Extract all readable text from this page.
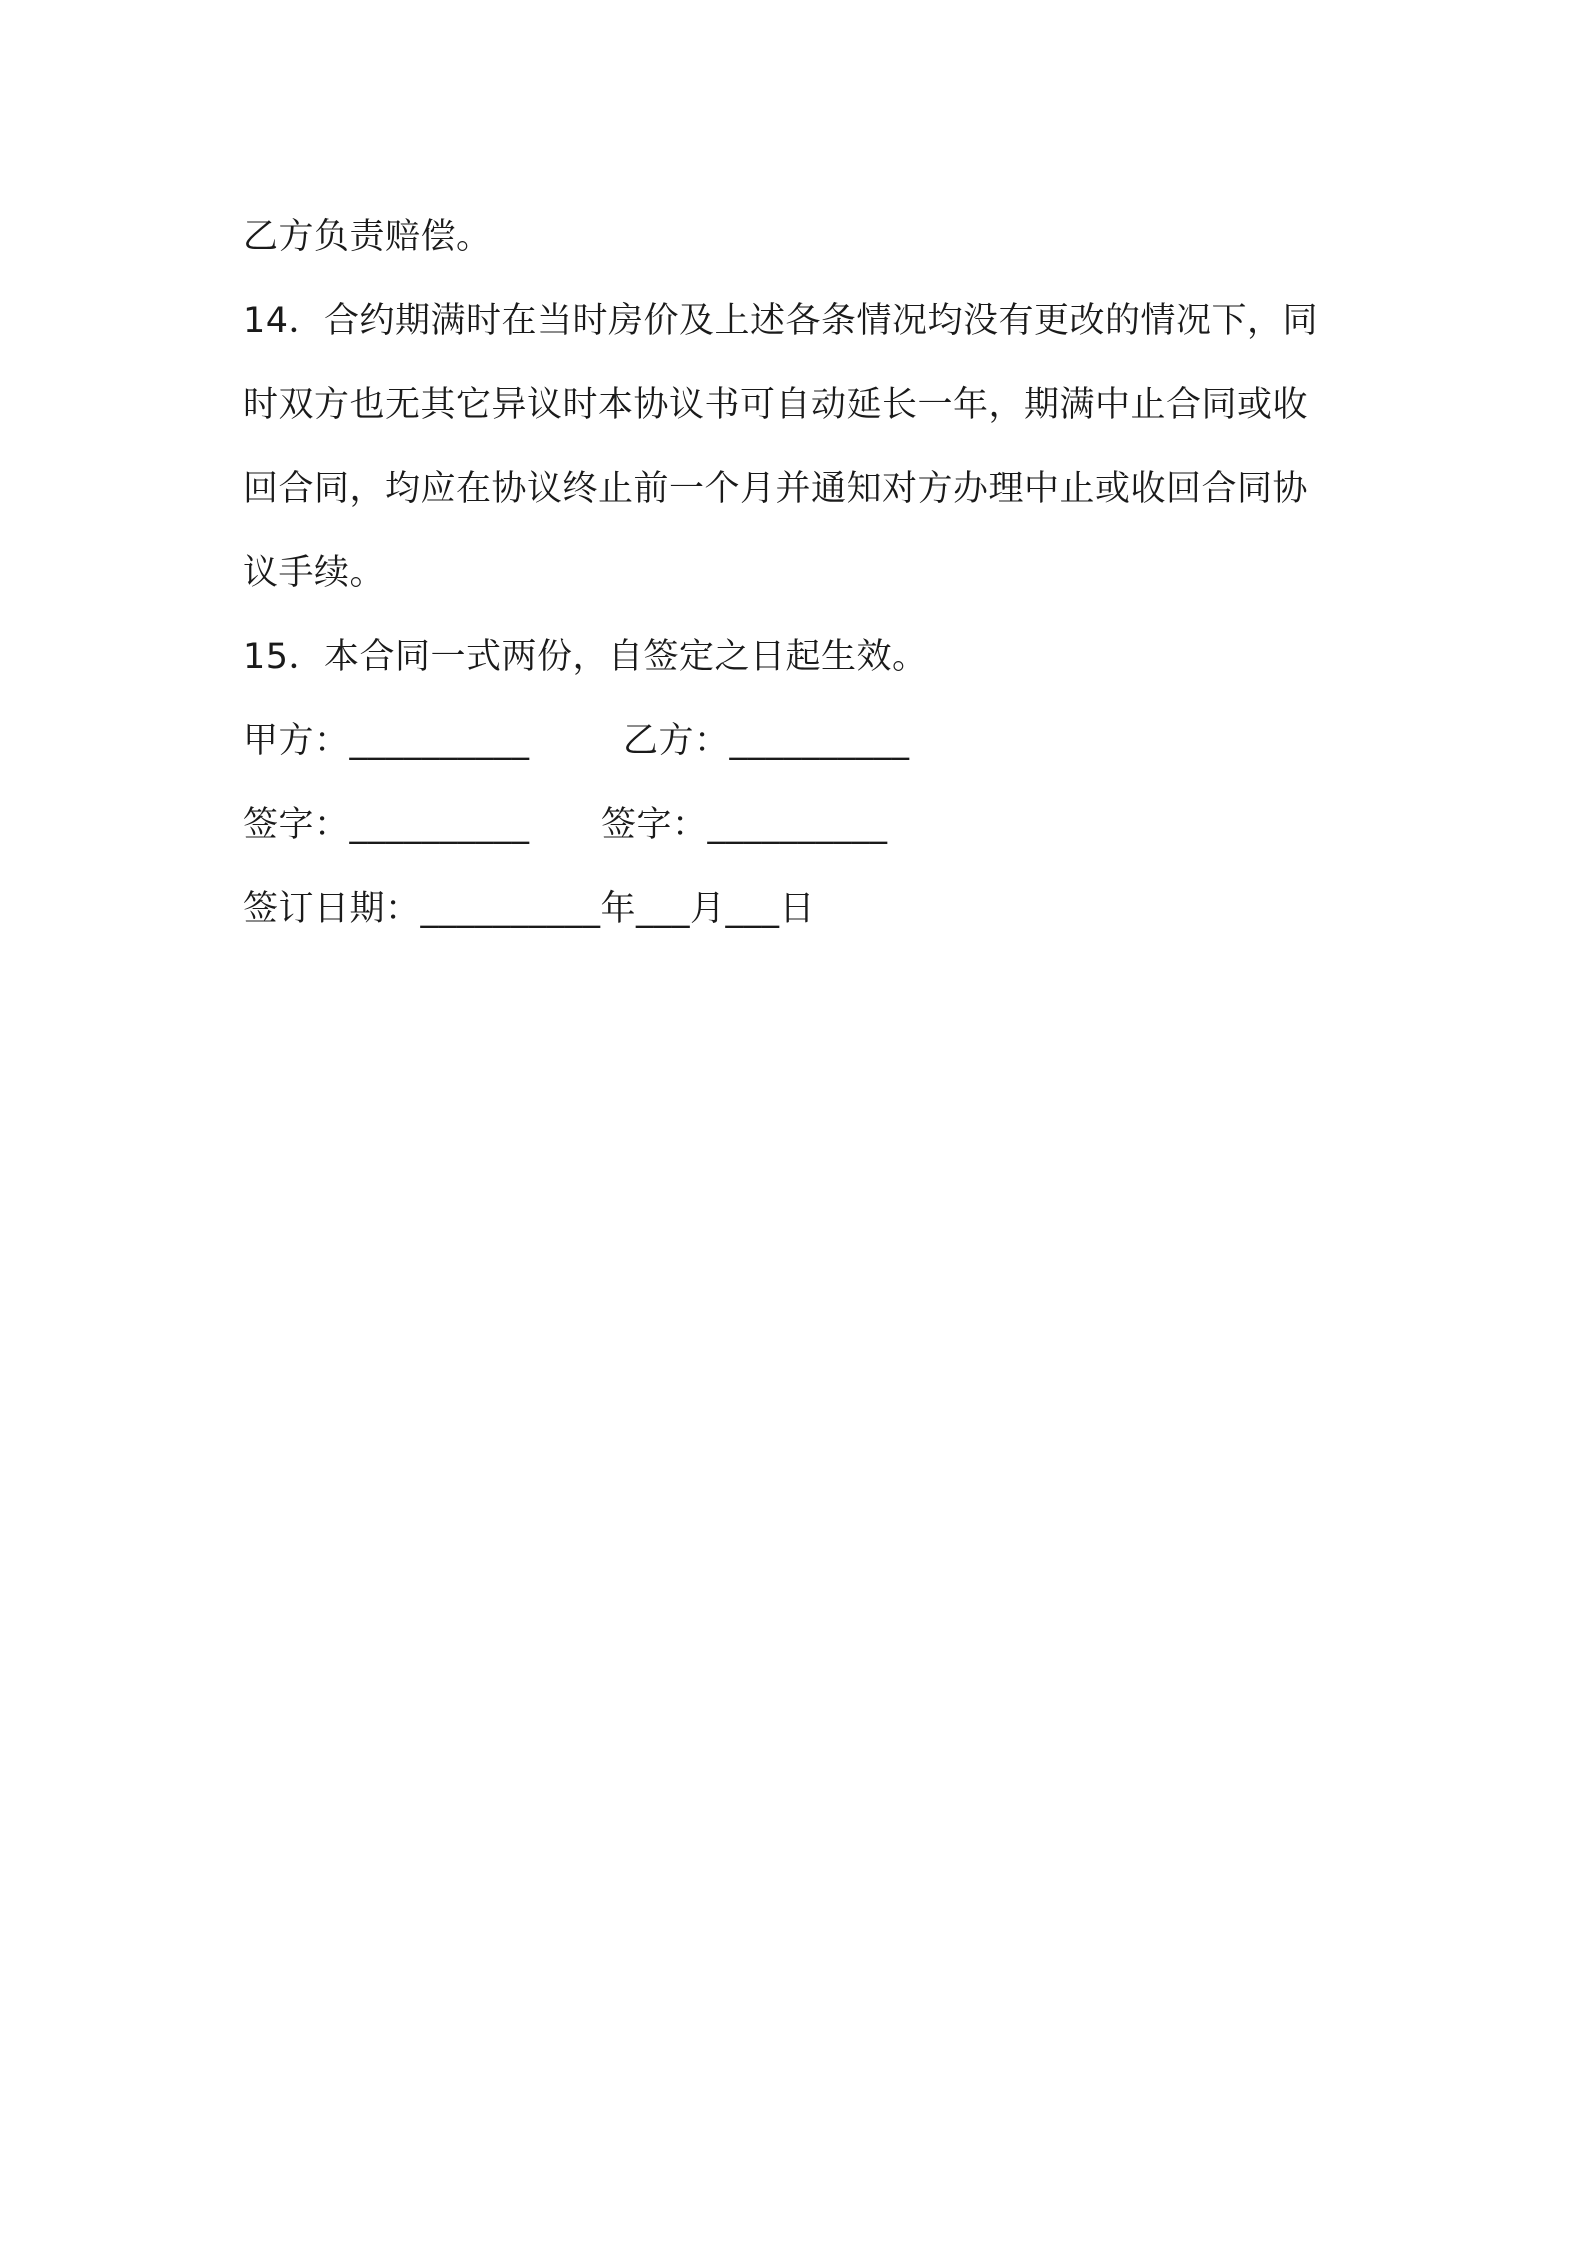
乙方负责赔偿。
14．合约期满时在当时房价及上述各条情况均没有更改的情况下，同
时双方也无其它异议时本协议书可自动延长一年，期满中止合同或收
回合同，均应在协议终止前一个月并通知对方办理中止或收回合同协
议手续。
15．本合同一式两份，自签定之日起生效。
甲方：__________	乙方：__________
签字：__________ 签字：__________
签订日期：__________年___月___日
